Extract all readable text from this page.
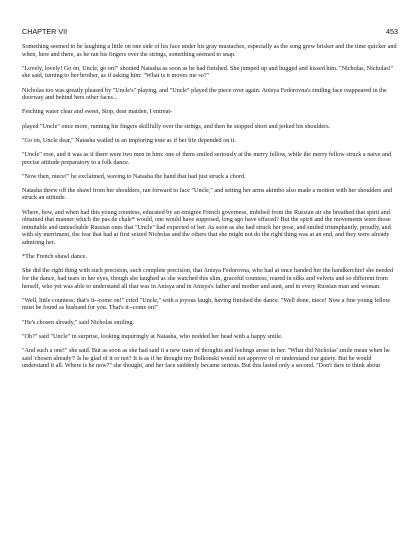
CHAPTER VII	453

Something seemed to be laughing a little on one side of his face under his gray mustaches, especially as the song grew brisker and the time quicker and when, here and there, as he ran his fingers over the strings, something seemed to snap.

"Lovely, lovely! Go on, Uncle, go on!" shouted Natasha as soon as he had finished. She jumped up and hugged and kissed him. "Nicholas, Nicholas!" she said, turning to her brother, as if asking him: "What is it moves me so?"

Nicholas too was greatly pleased by "Uncle's" playing, and "Uncle" played the piece over again. Anisya Fedorovna's smiling face reappeared in the doorway and behind hers other faces...

Fetching water clear and sweet, Stop, dear maiden, I entreat-

played "Uncle" once more, running his fingers skillfully over the strings, and then he stopped short and jerked his shoulders.

"Go on, Uncle dear," Natasha wailed in an imploring tone as if her life depended on it.

"Uncle" rose, and it was as if there were two men in him: one of them smiled seriously at the merry fellow, while the merry fellow struck a naive and precise attitude preparatory to a folk dance.

"Now then, niece!" he exclaimed, waving to Natasha the hand that had just struck a chord.

Natasha threw off the shawl from her shoulders, ran forward to face "Uncle," and setting her arms akimbo also made a motion with her shoulders and struck an attitude.

Where, how, and when had this young countess, educated by an emigree French governess, imbibed from the Russian air she breathed that spirit and obtained that manner which the pas de chale* would, one would have supposed, long ago have effaced? But the spirit and the movements were those inimitable and unteachable Russian ones that "Uncle" had expected of her. As soon as she had struck her pose, and smiled triumphantly, proudly, and with sly merriment, the fear that had at first seized Nicholas and the others that she might not do the right thing was at an end, and they were already admiring her.

*The French shawl dance.

She did the right thing with such precision, such complete precision, that Anisya Fedorovna, who had at once handed her the handkerchief she needed for the dance, had tears in her eyes, though she laughed as she watched this slim, graceful countess, reared in silks and velvets and so different from herself, who yet was able to understand all that was in Anisya and in Anisya's father and mother and aunt, and in every Russian man and woman.

"Well, little countess; that's it--come on!" cried "Uncle," with a joyous laugh, having finished the dance. "Well done, niece! Now a fine young fellow must be found as husband for you. That's it--come on!"

"He's chosen already," said Nicholas smiling.

"Oh?" said "Uncle" in surprise, looking inquiringly at Natasha, who nodded her head with a happy smile.

"And such a one!" she said. But as soon as she had said it a new train of thoughts and feelings arose in her. "What did Nicholas' smile mean when he said 'chosen already'? Is he glad of it or not? It is as if he thought my Bolkonski would not approve of or understand our gaiety. But he would understand it all. Where is he now?" she thought, and her face suddenly became serious. But this lasted only a second. "Don't dare to think about
